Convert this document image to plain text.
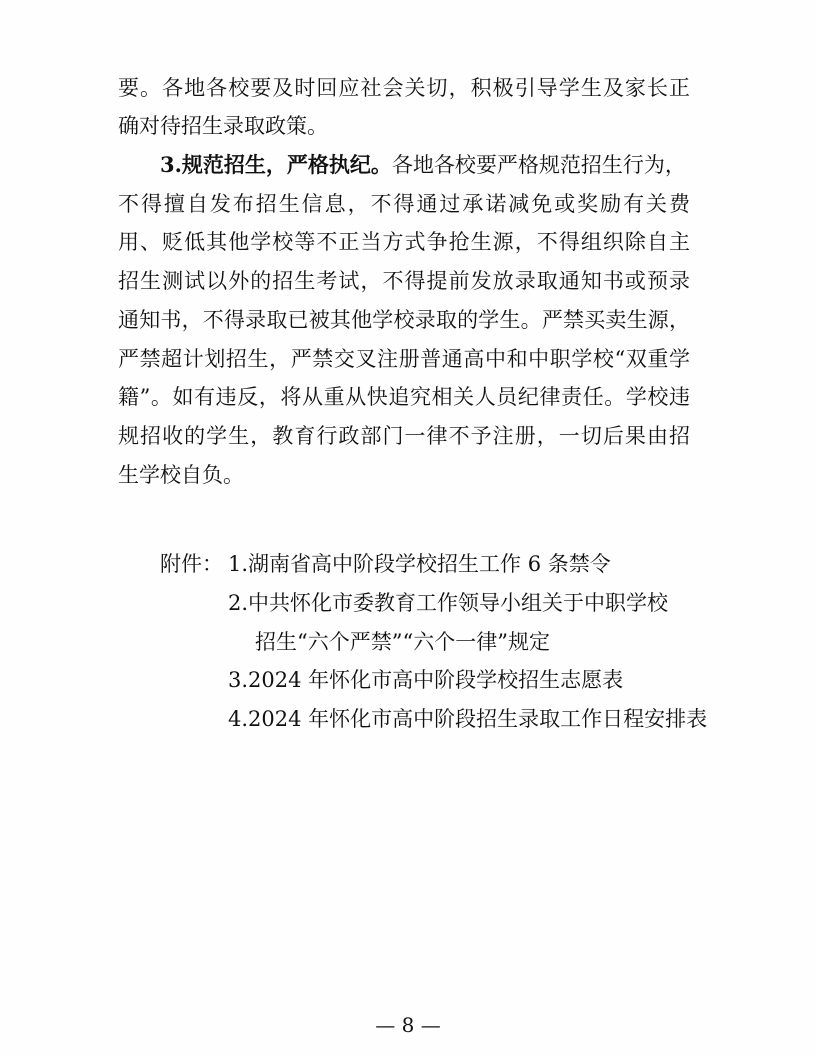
要。各地各校要及时回应社会关切，积极引导学生及家长正
确对待招生录取政策。
3.规范招生，严格执纪。各地各校要严格规范招生行为，
不得擅自发布招生信息，不得通过承诺减免或奖励有关费
用、贬低其他学校等不正当方式争抢生源，不得组织除自主
招生测试以外的招生考试，不得提前发放录取通知书或预录
通知书，不得录取已被其他学校录取的学生。严禁买卖生源，
严禁超计划招生，严禁交叉注册普通高中和中职学校“双重学
籍”。如有违反，将从重从快追究相关人员纪律责任。学校违
规招收的学生，教育行政部门一律不予注册，一切后果由招
生学校自负。
附件： 1.湖南省高中阶段学校招生工作 6 条禁令
2.中共怀化市委教育工作领导小组关于中职学校
招生“六个严禁”“六个一律”规定
3.2024 年怀化市高中阶段学校招生志愿表
4.2024 年怀化市高中阶段招生录取工作日程安排表
— 8 —
